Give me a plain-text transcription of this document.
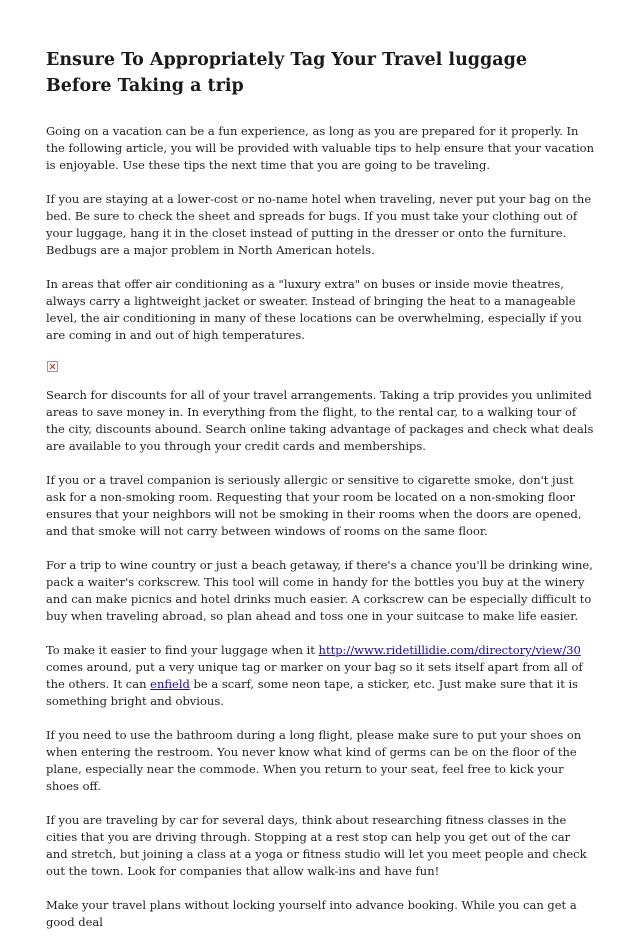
Ensure To Appropriately Tag Your Travel luggage Before Taking a trip

Going on a vacation can be a fun experience, as long as you are prepared for it properly. In the following article, you will be provided with valuable tips to help ensure that your vacation is enjoyable. Use these tips the next time that you are going to be traveling.

If you are staying at a lower-cost or no-name hotel when traveling, never put your bag on the bed. Be sure to check the sheet and spreads for bugs. If you must take your clothing out of your luggage, hang it in the closet instead of putting in the dresser or onto the furniture. Bedbugs are a major problem in North American hotels.

In areas that offer air conditioning as a "luxury extra" on buses or inside movie theatres, always carry a lightweight jacket or sweater. Instead of bringing the heat to a manageable level, the air conditioning in many of these locations can be overwhelming, especially if you are coming in and out of high temperatures.

Search for discounts for all of your travel arrangements. Taking a trip provides you unlimited areas to save money in. In everything from the flight, to the rental car, to a walking tour of the city, discounts abound. Search online taking advantage of packages and check what deals are available to you through your credit cards and memberships.

If you or a travel companion is seriously allergic or sensitive to cigarette smoke, don't just ask for a non-smoking room. Requesting that your room be located on a non-smoking floor ensures that your neighbors will not be smoking in their rooms when the doors are opened, and that smoke will not carry between windows of rooms on the same floor.

For a trip to wine country or just a beach getaway, if there's a chance you'll be drinking wine, pack a waiter's corkscrew. This tool will come in handy for the bottles you buy at the winery and can make picnics and hotel drinks much easier. A corkscrew can be especially difficult to buy when traveling abroad, so plan ahead and toss one in your suitcase to make life easier.

To make it easier to find your luggage when it http://www.ridetillidie.com/directory/view/30 comes around, put a very unique tag or marker on your bag so it sets itself apart from all of the others. It can enfield be a scarf, some neon tape, a sticker, etc. Just make sure that it is something bright and obvious.

If you need to use the bathroom during a long flight, please make sure to put your shoes on when entering the restroom. You never know what kind of germs can be on the floor of the plane, especially near the commode. When you return to your seat, feel free to kick your shoes off.

If you are traveling by car for several days, think about researching fitness classes in the cities that you are driving through. Stopping at a rest stop can help you get out of the car and stretch, but joining a class at a yoga or fitness studio will let you meet people and check out the town. Look for companies that allow walk-ins and have fun!

Make your travel plans without locking yourself into advance booking. While you can get a good deal
